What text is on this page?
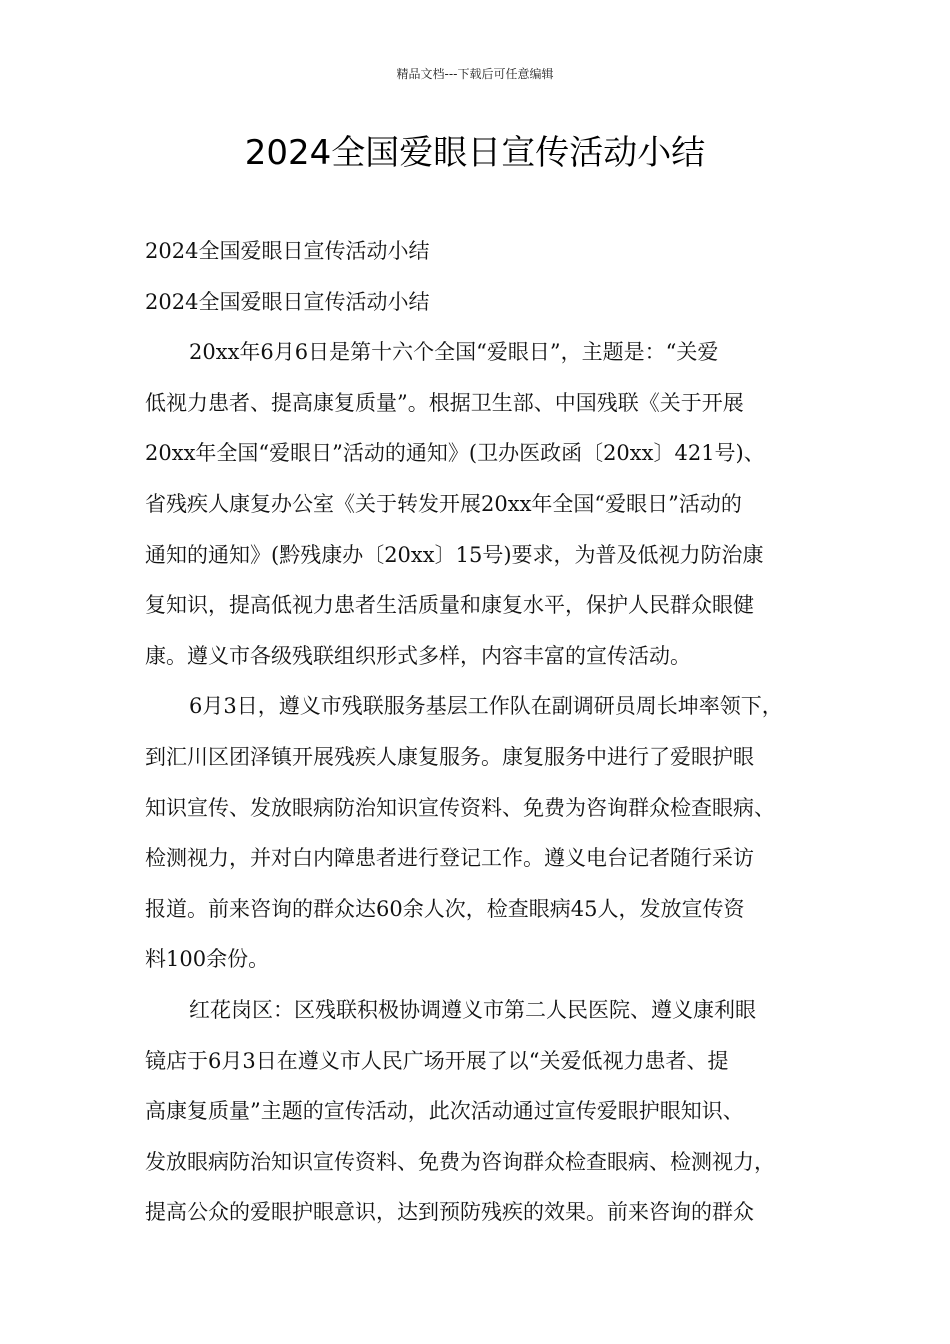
精品文档---下载后可任意编辑
2024全国爱眼日宣传活动小结
2024全国爱眼日宣传活动小结
2024全国爱眼日宣传活动小结
20xx年6月6日是第十六个全国“爱眼日”，主题是：“关爱
低视力患者、提高康复质量”。根据卫生部、中国残联《关于开展
20xx年全国“爱眼日”活动的通知》(卫办医政函〔20xx〕421号)、
省残疾人康复办公室《关于转发开展20xx年全国“爱眼日”活动的
通知的通知》(黔残康办〔20xx〕15号)要求，为普及低视力防治康
复知识，提高低视力患者生活质量和康复水平，保护人民群众眼健
康。遵义市各级残联组织形式多样，内容丰富的宣传活动。
6月3日，遵义市残联服务基层工作队在副调研员周长坤率领下，
到汇川区团泽镇开展残疾人康复服务。康复服务中进行了爱眼护眼
知识宣传、发放眼病防治知识宣传资料、免费为咨询群众检查眼病、
检测视力，并对白内障患者进行登记工作。遵义电台记者随行采访
报道。前来咨询的群众达60余人次，检查眼病45人，发放宣传资
料100余份。
红花岗区：区残联积极协调遵义市第二人民医院、遵义康利眼
镜店于6月3日在遵义市人民广场开展了以“关爱低视力患者、提
高康复质量”主题的宣传活动，此次活动通过宣传爱眼护眼知识、
发放眼病防治知识宣传资料、免费为咨询群众检查眼病、检测视力，
提高公众的爱眼护眼意识，达到预防残疾的效果。前来咨询的群众
